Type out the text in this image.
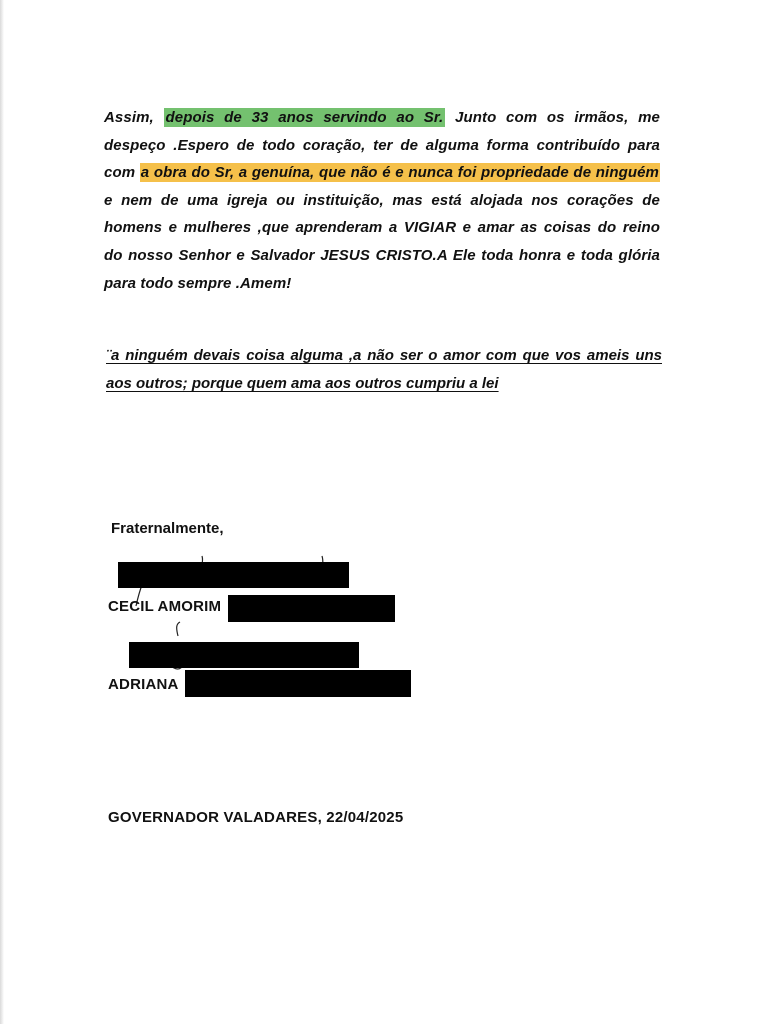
Assim, depois de 33 anos servindo ao Sr. Junto com os irmãos, me
despeço .Espero de todo coração, ter de alguma forma contribuído para
com a obra do Sr, a genuína, que não é e nunca foi propriedade de ninguém
e nem de uma igreja ou instituição, mas está alojada nos corações de
homens e mulheres ,que aprenderam a VIGIAR e amar as coisas do reino
do nosso Senhor e Salvador JESUS CRISTO.A Ele toda honra e toda glória
para todo sempre .Amem!
¨a ninguém devais coisa alguma ,a não ser o amor com que vos ameis uns
aos outros; porque quem ama aos outros cumpriu a lei
Fraternalmente,
CECIL AMORIM
ADRIANA
GOVERNADOR VALADARES, 22/04/2025
